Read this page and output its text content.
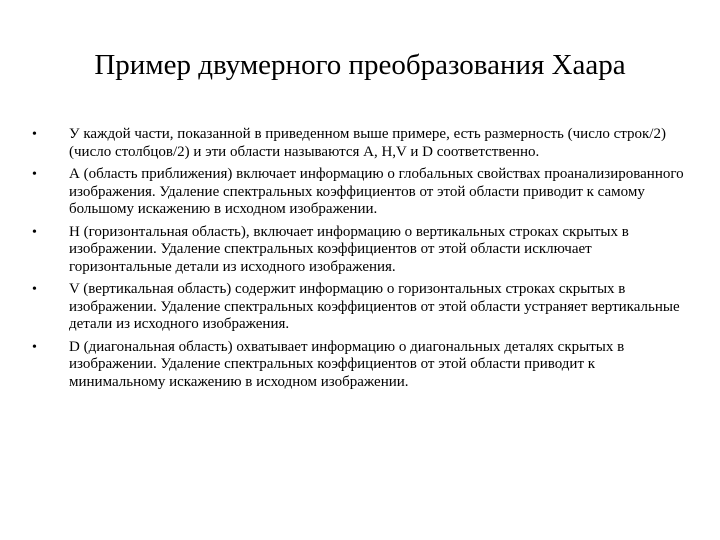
Пример двумерного преобразования Хаара
•	У каждой части, показанной в приведенном выше примере, есть размерность (число строк/2) (число столбцов/2) и эти области называются A, H,V и D соответственно.
•	А (область приближения) включает информацию о глобальных свойствах проанализированного изображения. Удаление спектральных коэффициентов от этой области приводит к самому большому искажению в исходном изображении.
•	H (горизонтальная область), включает информацию о вертикальных строках скрытых в изображении. Удаление спектральных коэффициентов от этой области исключает горизонтальные детали из исходного изображения.
•	V (вертикальная область) содержит информацию о горизонтальных строках скрытых в изображении. Удаление спектральных коэффициентов от этой области устраняет вертикальные детали из исходного изображения.
•	D (диагональная область) охватывает информацию о диагональных деталях скрытых в изображении. Удаление спектральных коэффициентов от этой области приводит к минимальному искажению в исходном изображении.
